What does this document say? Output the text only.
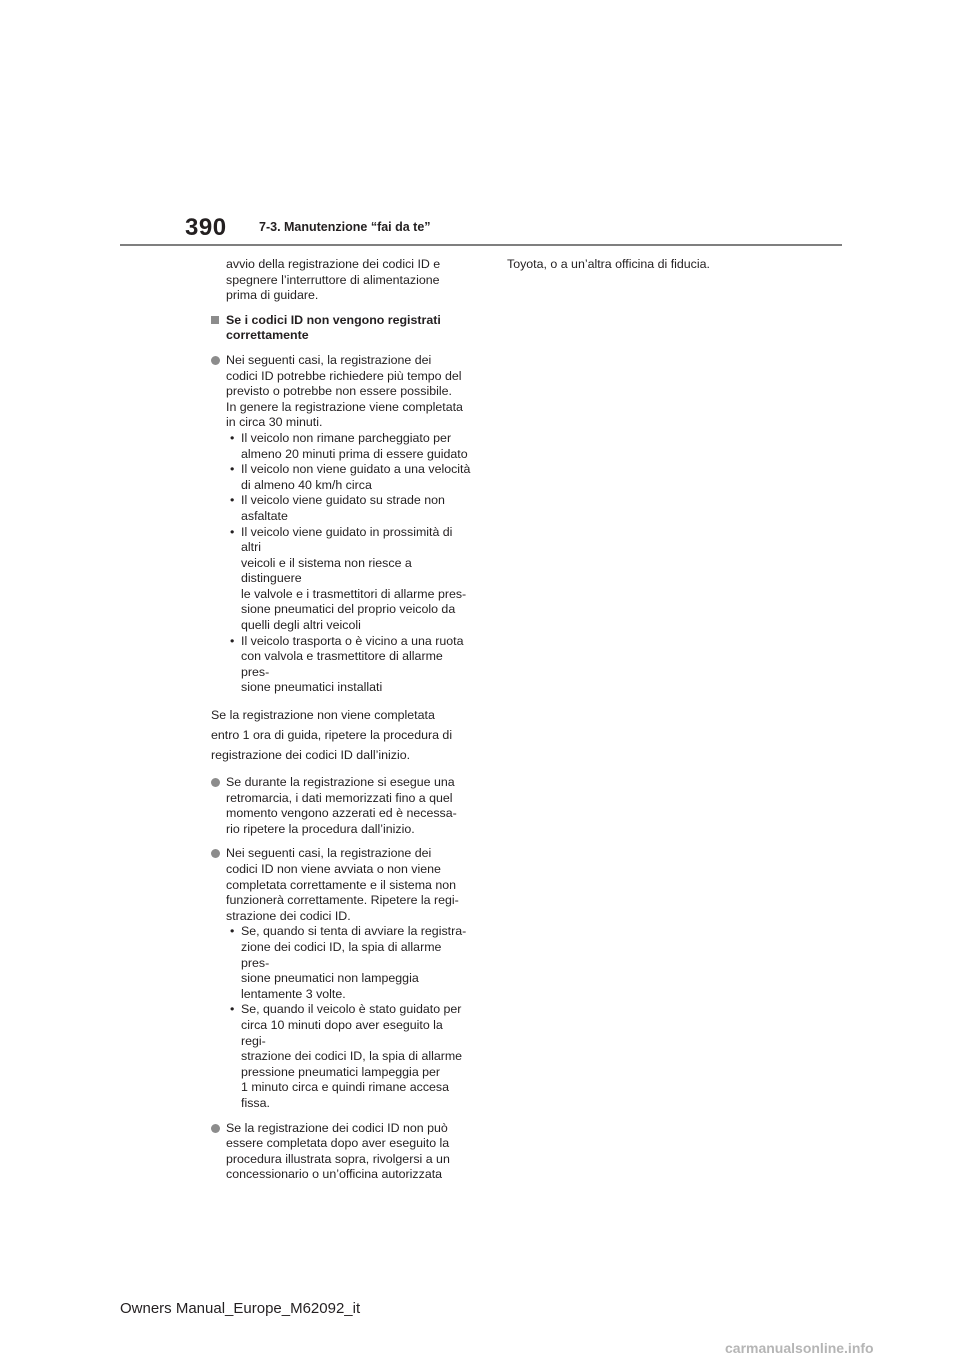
390	7-3. Manutenzione “fai da te”
avvio della registrazione dei codici ID e
spegnere l’interruttore di alimentazione
prima di guidare.
Se i codici ID non vengono registrati
correttamente
Nei seguenti casi, la registrazione dei
codici ID potrebbe richiedere più tempo del
previsto o potrebbe non essere possibile.
In genere la registrazione viene completata
in circa 30 minuti.
• Il veicolo non rimane parcheggiato per
almeno 20 minuti prima di essere guidato
• Il veicolo non viene guidato a una velocità
di almeno 40 km/h circa
• Il veicolo viene guidato su strade non
asfaltate
• Il veicolo viene guidato in prossimità di altri
veicoli e il sistema non riesce a distinguere
le valvole e i trasmettitori di allarme pres-
sione pneumatici del proprio veicolo da
quelli degli altri veicoli
• Il veicolo trasporta o è vicino a una ruota
con valvola e trasmettitore di allarme pres-
sione pneumatici installati
Se la registrazione non viene completata
entro 1 ora di guida, ripetere la procedura di
registrazione dei codici ID dall’inizio.
Se durante la registrazione si esegue una
retromarcia, i dati memorizzati fino a quel
momento vengono azzerati ed è necessa-
rio ripetere la procedura dall’inizio.
Nei seguenti casi, la registrazione dei
codici ID non viene avviata o non viene
completata correttamente e il sistema non
funzionerà correttamente. Ripetere la regi-
strazione dei codici ID.
• Se, quando si tenta di avviare la registra-
zione dei codici ID, la spia di allarme pres-
sione pneumatici non lampeggia
lentamente 3 volte.
• Se, quando il veicolo è stato guidato per
circa 10 minuti dopo aver eseguito la regi-
strazione dei codici ID, la spia di allarme
pressione pneumatici lampeggia per
1 minuto circa e quindi rimane accesa
fissa.
Se la registrazione dei codici ID non può
essere completata dopo aver eseguito la
procedura illustrata sopra, rivolgersi a un
concessionario o un’officina autorizzata
Toyota, o a un’altra officina di fiducia.
Owners Manual_Europe_M62092_it
carmanualsonline.info
